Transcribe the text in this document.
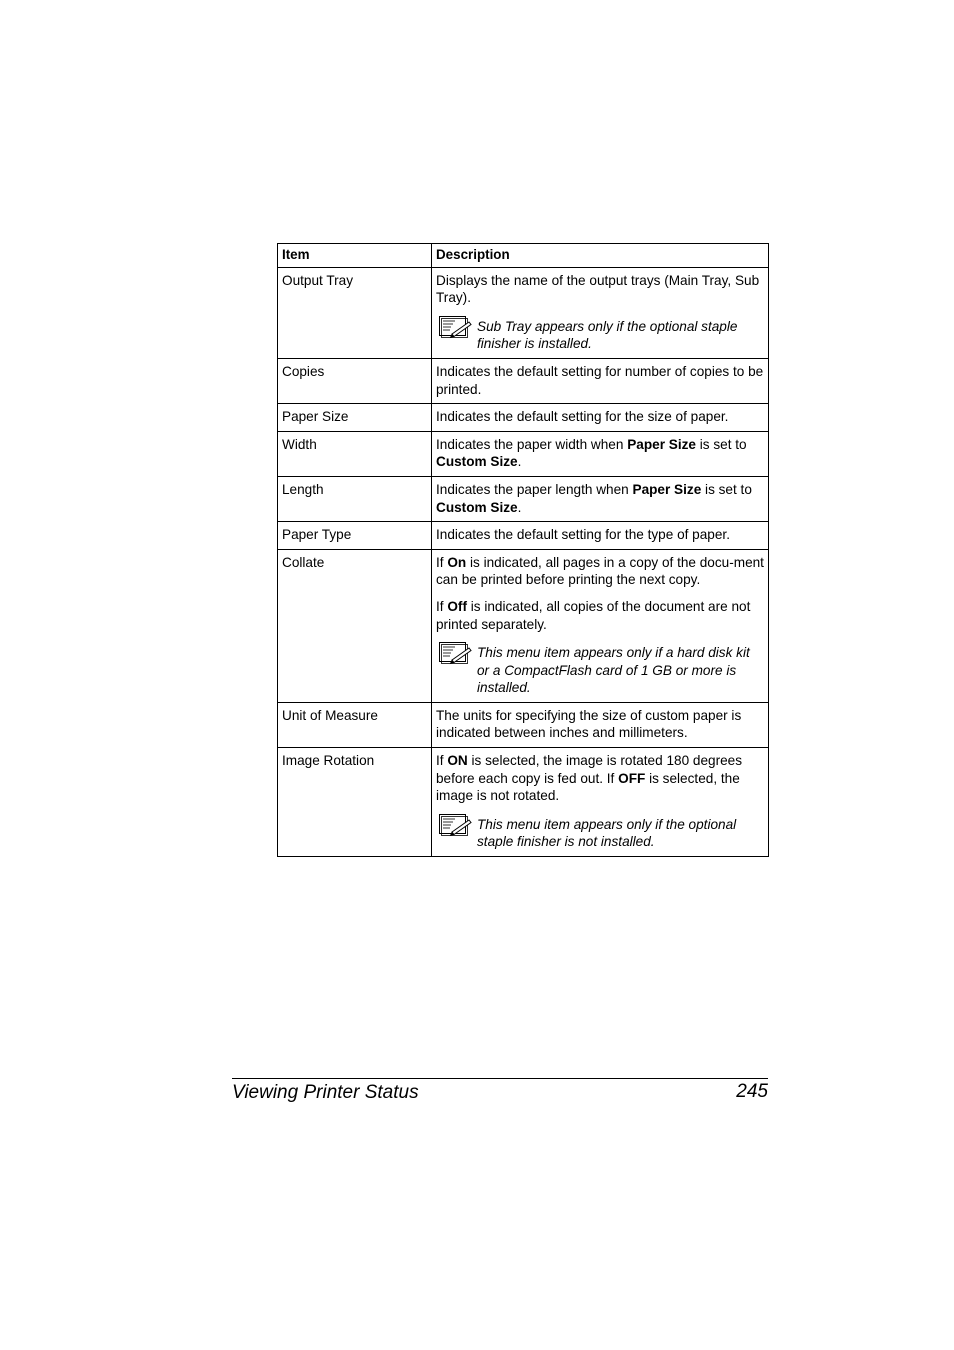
Item	Description
Output Tray	Displays the name of the output trays (Main Tray, Sub Tray).

Sub Tray appears only if the optional staple finisher is installed.

Copies	Indicates the default setting for number of copies to be printed.
Paper Size	Indicates the default setting for the size of paper.
Width	Indicates the paper width when Paper Size is set to Custom Size.
Length	Indicates the paper length when Paper Size is set to Custom Size.
Paper Type	Indicates the default setting for the type of paper.
Collate	If On is indicated, all pages in a copy of the docu-ment can be printed before printing the next copy.

If Off is indicated, all copies of the document are not printed separately.

This menu item appears only if a hard disk kit or a CompactFlash card of 1 GB or more is installed.

Unit of Measure	The units for specifying the size of custom paper is indicated between inches and millimeters.
Image Rotation	If ON is selected, the image is rotated 180 degrees before each copy is fed out. If OFF is selected, the image is not rotated.

This menu item appears only if the optional staple finisher is not installed.
Viewing Printer Status	245
